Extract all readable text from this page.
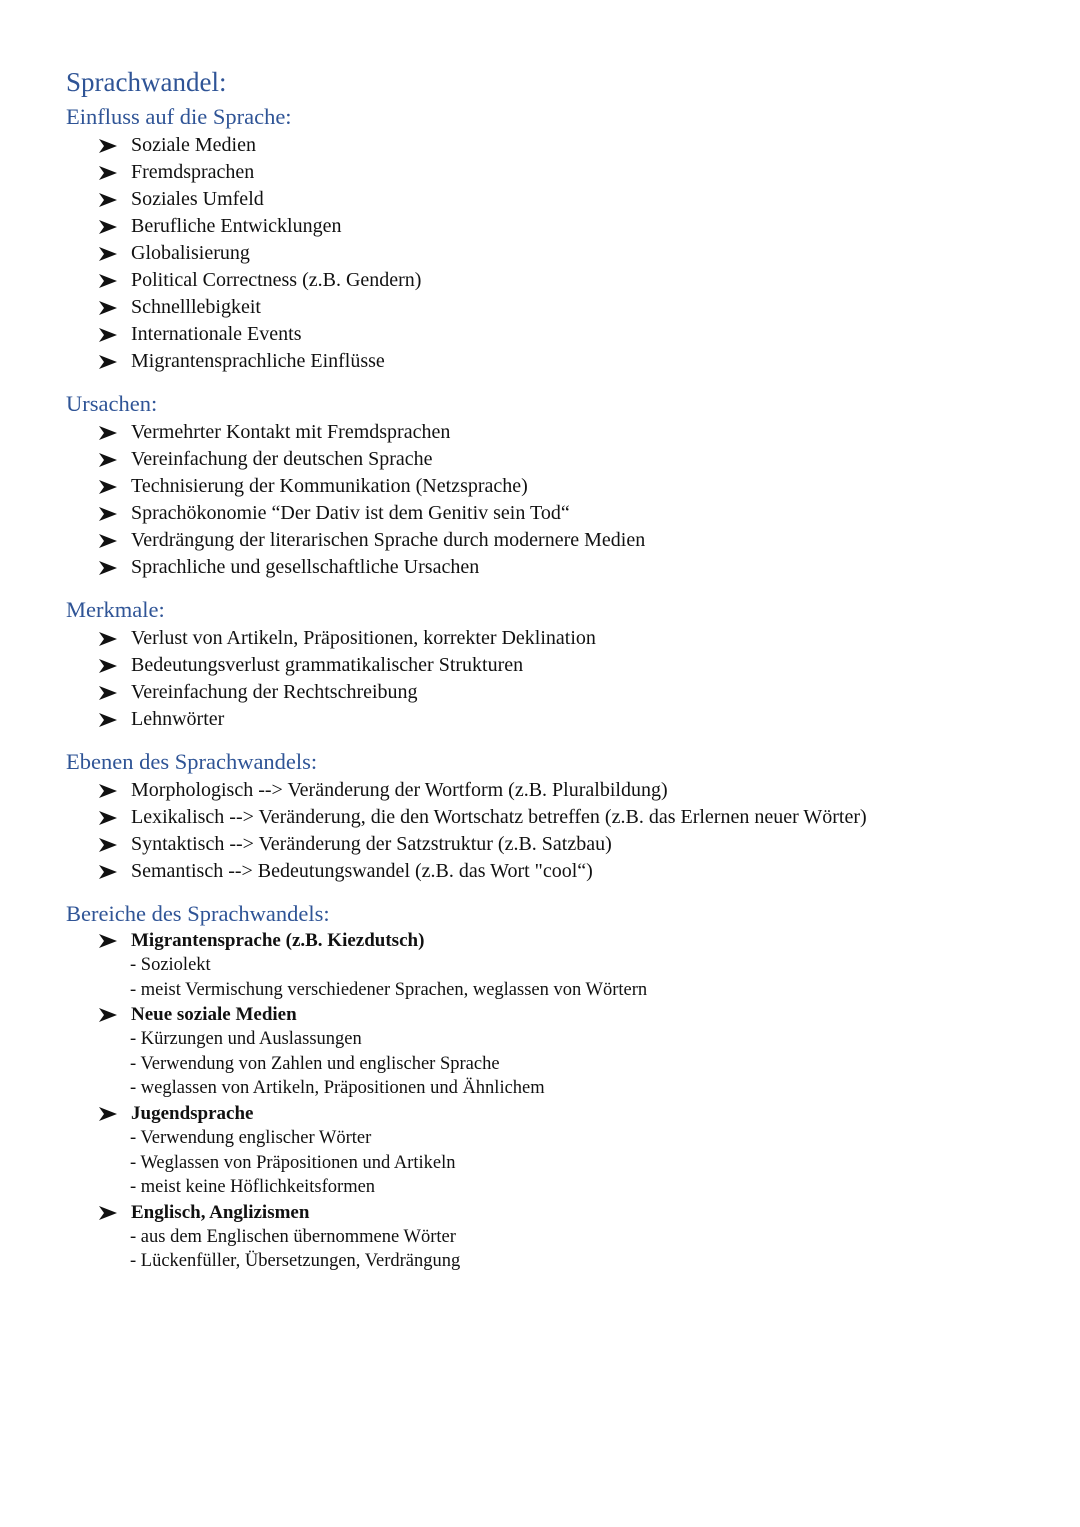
Sprachwandel:
Einfluss auf die Sprache:
Soziale Medien
Fremdsprachen
Soziales Umfeld
Berufliche Entwicklungen
Globalisierung
Political Correctness (z.B. Gendern)
Schnelllebigkeit
Internationale Events
Migrantensprachliche Einflüsse
Ursachen:
Vermehrter Kontakt mit Fremdsprachen
Vereinfachung der deutschen Sprache
Technisierung der Kommunikation (Netzsprache)
Sprachökonomie “Der Dativ ist dem Genitiv sein Tod“
Verdrängung der literarischen Sprache durch modernere Medien
Sprachliche und gesellschaftliche Ursachen
Merkmale:
Verlust von Artikeln, Präpositionen, korrekter Deklination
Bedeutungsverlust grammatikalischer Strukturen
Vereinfachung der Rechtschreibung
Lehnwörter
Ebenen des Sprachwandels:
Morphologisch --> Veränderung der Wortform (z.B. Pluralbildung)
Lexikalisch --> Veränderung, die den Wortschatz betreffen (z.B. das Erlernen neuer Wörter)
Syntaktisch --> Veränderung der Satzstruktur (z.B. Satzbau)
Semantisch --> Bedeutungswandel (z.B. das Wort "cool“)
Bereiche des Sprachwandels:
Migrantensprache (z.B. Kiezdutsch)
- Soziolekt
- meist Vermischung verschiedener Sprachen, weglassen von Wörtern
Neue soziale Medien
- Kürzungen und Auslassungen
- Verwendung von Zahlen und englischer Sprache
- weglassen von Artikeln, Präpositionen und Ähnlichem
Jugendsprache
- Verwendung englischer Wörter
- Weglassen von Präpositionen und Artikeln
- meist keine Höflichkeitsformen
Englisch, Anglizismen
- aus dem Englischen übernommene Wörter
- Lückenfüller, Übersetzungen, Verdrängung
